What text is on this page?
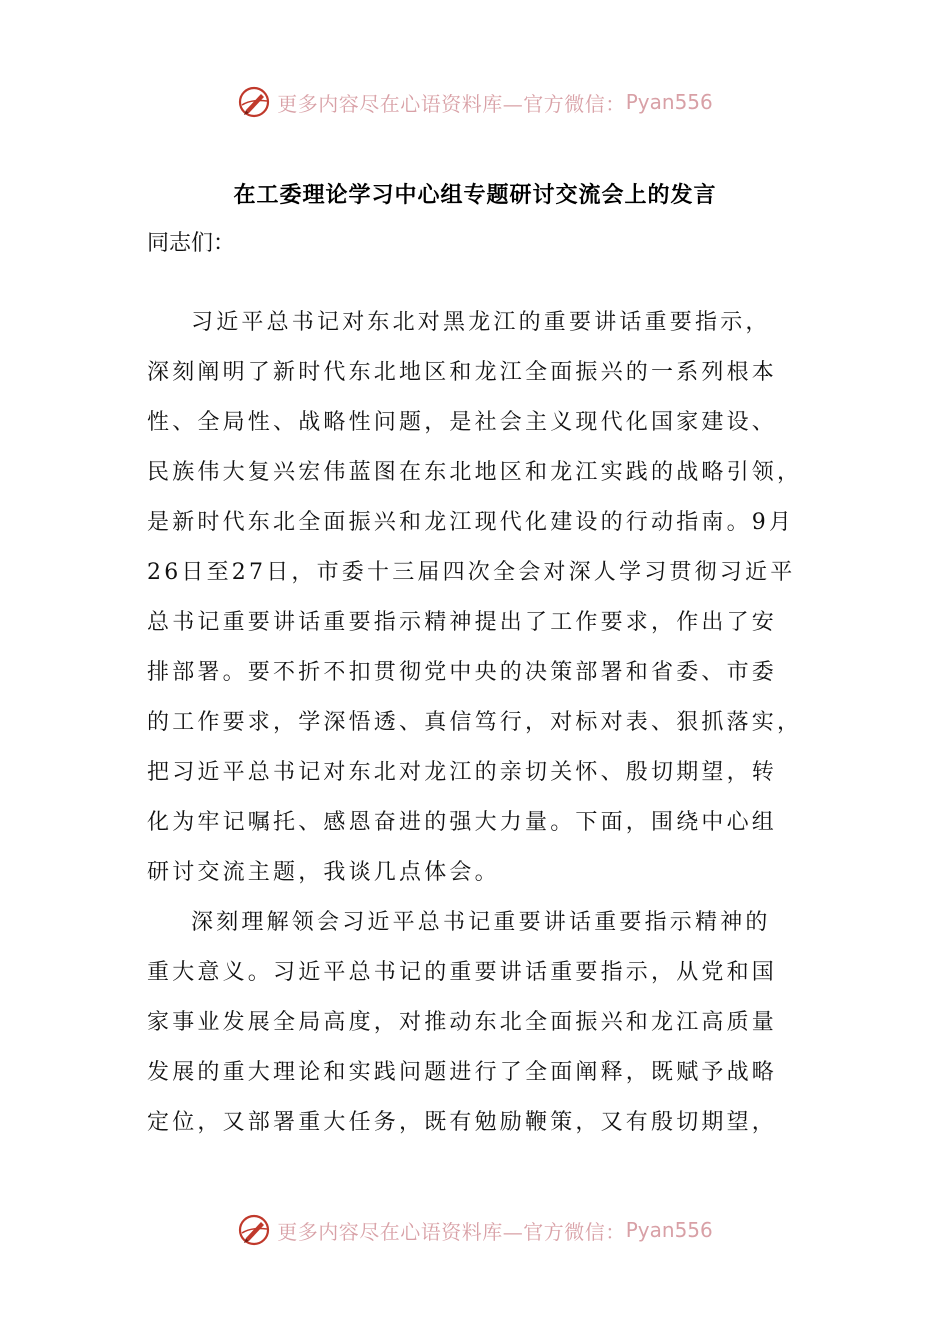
更多内容尽在心语资料库—官方微信： Pyan556
在工委理论学习中心组专题研讨交流会上的发言
同志们：
习近平总书记对东北对黑龙江的重要讲话重要指示，
深刻阐明了新时代东北地区和龙江全面振兴的一系列根本
性、全局性、战略性问题，是社会主义现代化国家建设、
民族伟大复兴宏伟蓝图在东北地区和龙江实践的战略引领，
是新时代东北全面振兴和龙江现代化建设的行动指南。9月
26日至27日，市委十三届四次全会对深人学习贯彻习近平
总书记重要讲话重要指示精神提出了工作要求，作出了安
排部署。要不折不扣贯彻党中央的决策部署和省委、市委
的工作要求，学深悟透、真信笃行，对标对表、狠抓落实，
把习近平总书记对东北对龙江的亲切关怀、殷切期望，转
化为牢记嘱托、感恩奋进的强大力量。下面，围绕中心组
研讨交流主题，我谈几点体会。
深刻理解领会习近平总书记重要讲话重要指示精神的
重大意义。习近平总书记的重要讲话重要指示，从党和国
家事业发展全局高度，对推动东北全面振兴和龙江高质量
发展的重大理论和实践问题进行了全面阐释，既赋予战略
定位，又部署重大任务，既有勉励鞭策，又有殷切期望，
更多内容尽在心语资料库—官方微信： Pyan556
